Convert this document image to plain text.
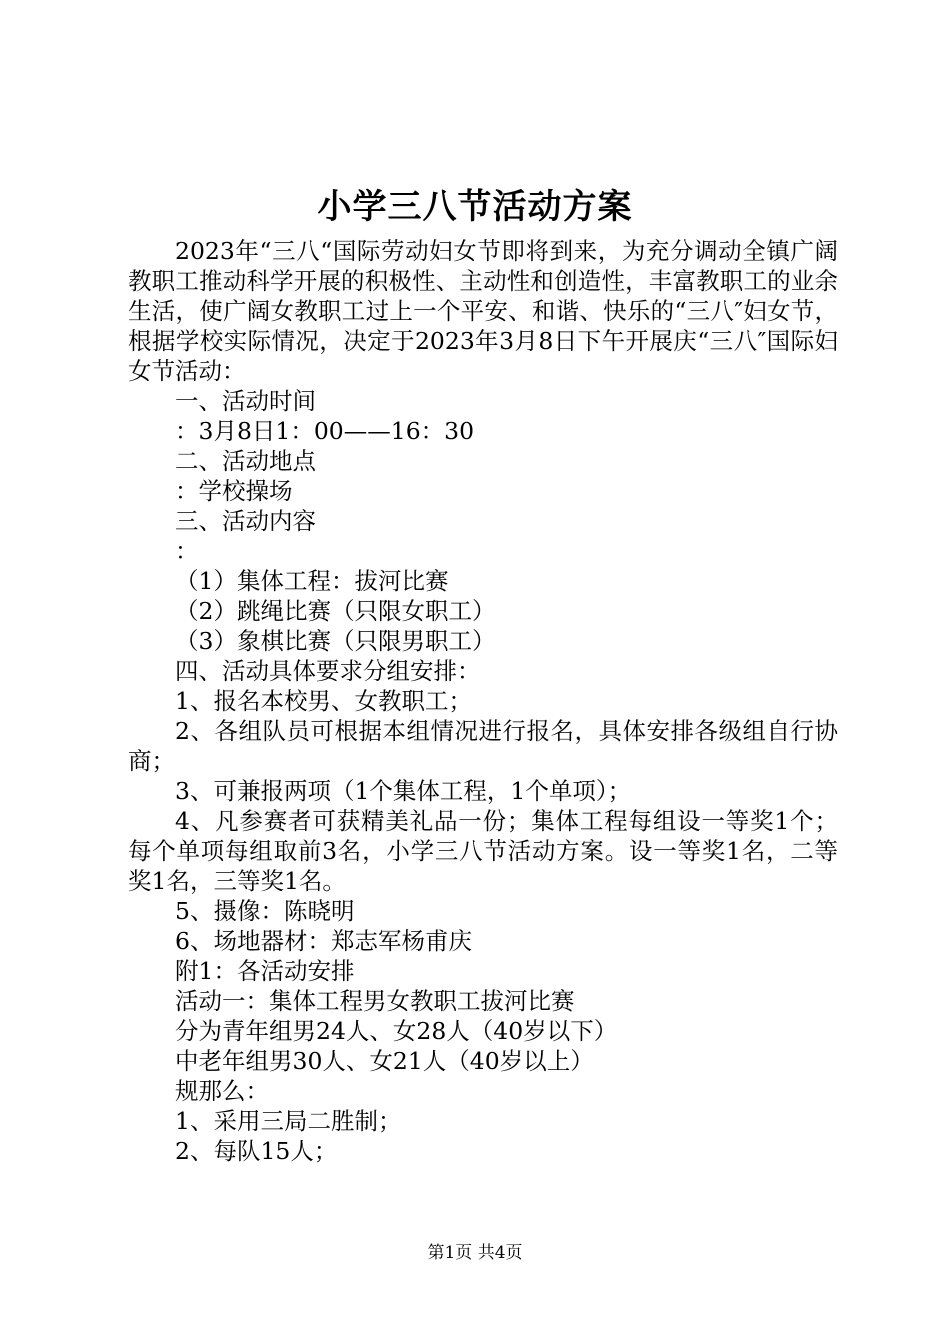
小学三八节活动方案

2023年“三八“国际劳动妇女节即将到来，为充分调动全镇广阔教职工推动科学开展的积极性、主动性和创造性，丰富教职工的业余生活，使广阔女教职工过上一个平安、和谐、快乐的“三八″妇女节，根据学校实际情况，决定于2023年3月8日下午开展庆“三八″国际妇女节活动：

一、活动时间

：3月8日1：00——16：30

二、活动地点

：学校操场

三、活动内容

：

（1）集体工程：拔河比赛

（2）跳绳比赛（只限女职工）

（3）象棋比赛（只限男职工）

四、活动具体要求分组安排：

1、报名本校男、女教职工；

2、各组队员可根据本组情况进行报名，具体安排各级组自行协商；

3、可兼报两项（1个集体工程，1个单项）；

4、凡参赛者可获精美礼品一份；集体工程每组设一等奖1个；每个单项每组取前3名，小学三八节活动方案。设一等奖1名，二等奖1名，三等奖1名。

5、摄像：陈晓明

6、场地器材：郑志军杨甫庆

附1：各活动安排

活动一：集体工程男女教职工拔河比赛

分为青年组男24人、女28人（40岁以下）

中老年组男30人、女21人（40岁以上）

规那么：

1、采用三局二胜制；

2、每队15人；

第1页 共4页
